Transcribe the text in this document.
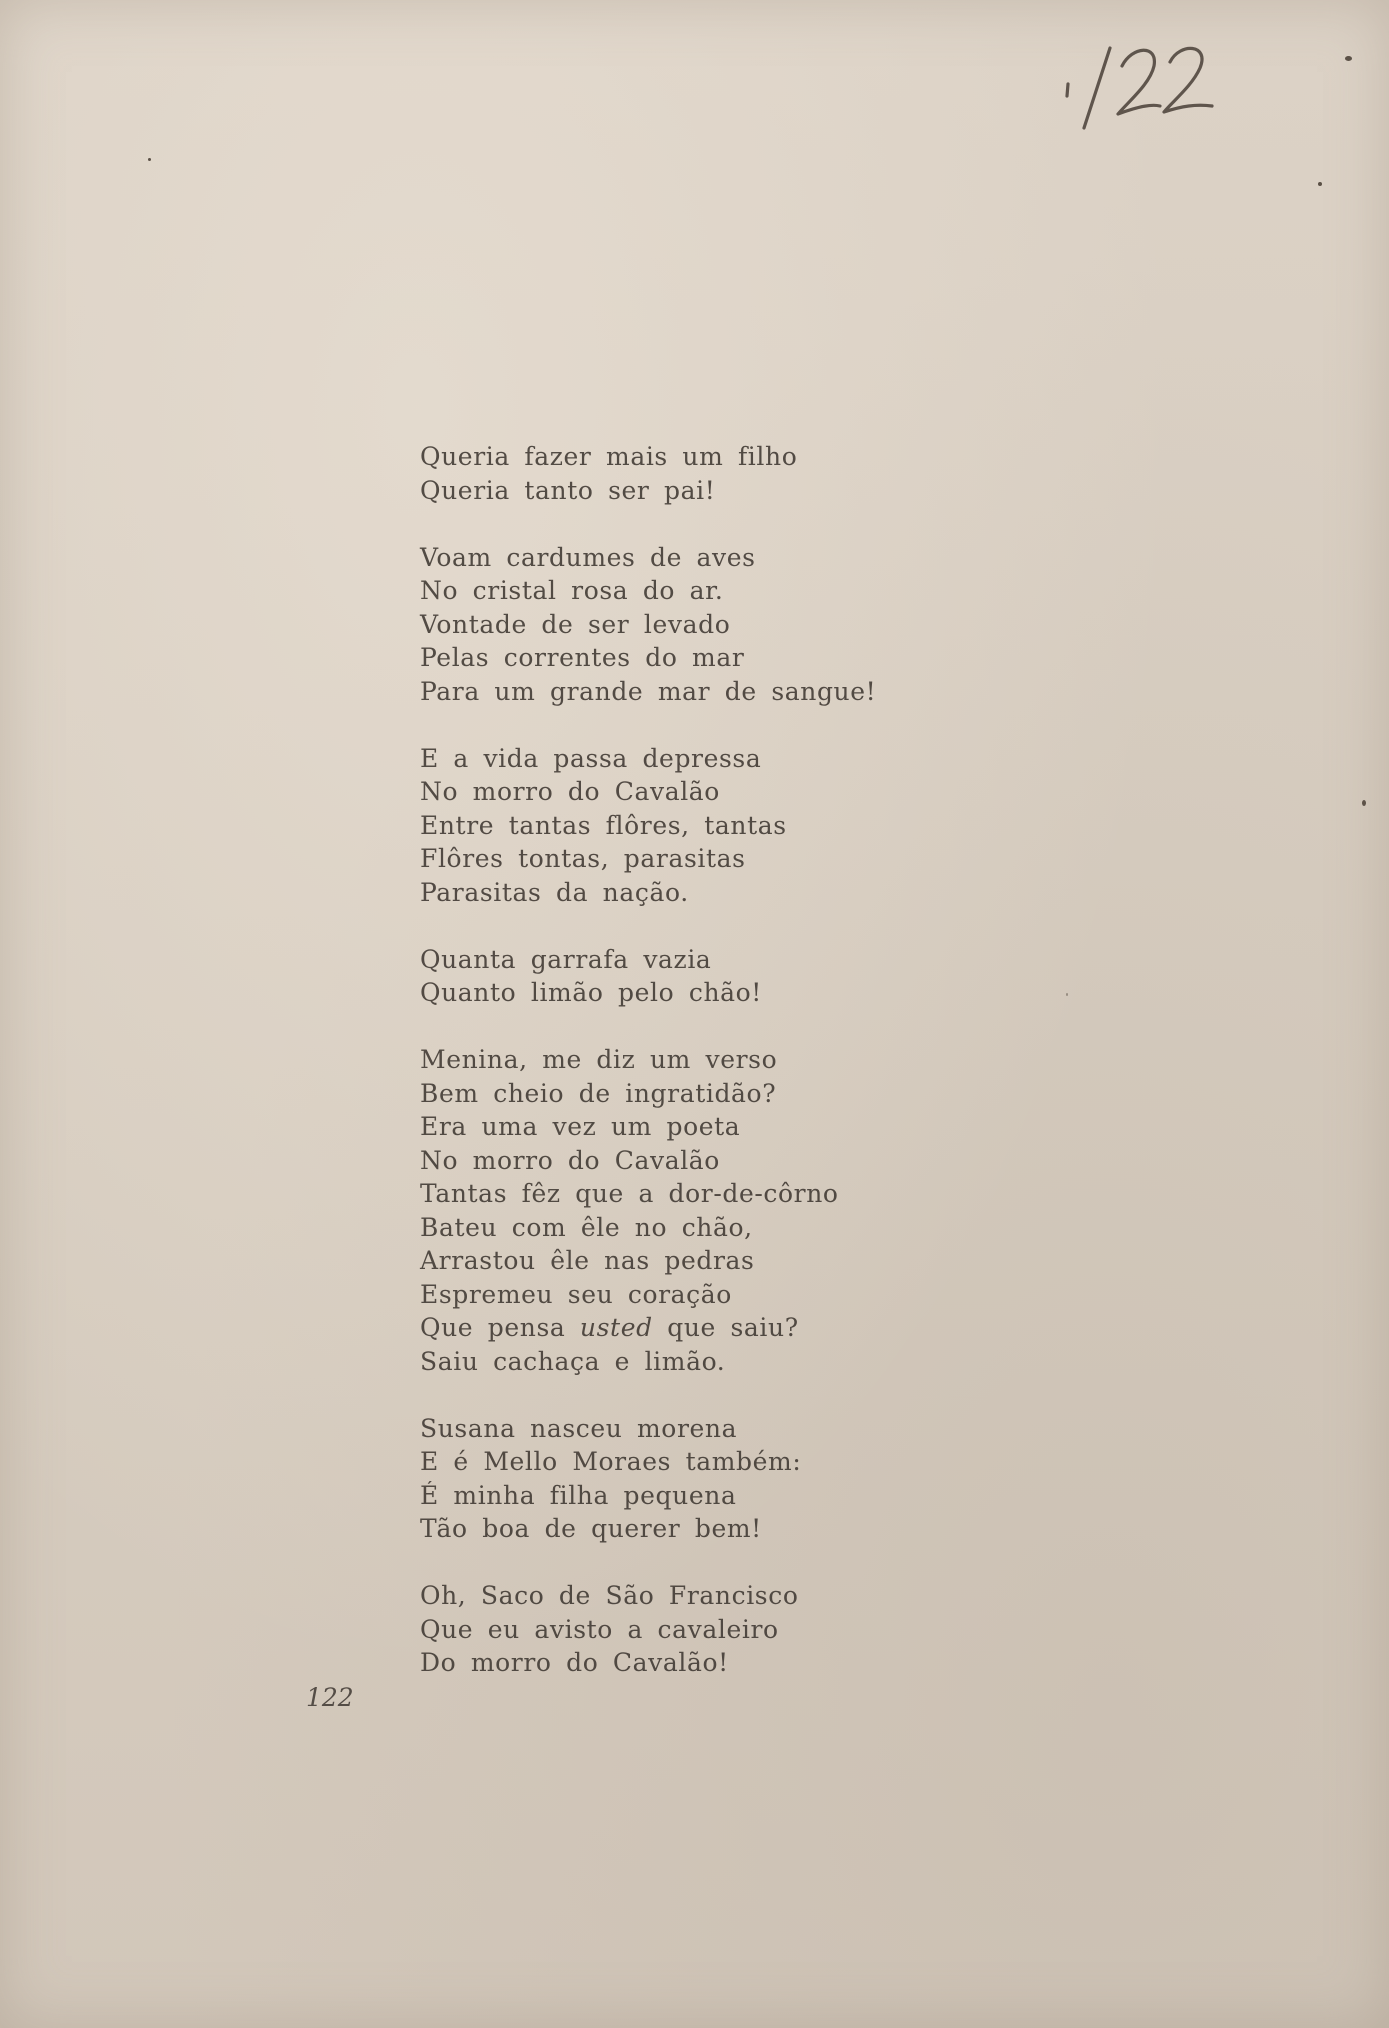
122
Queria fazer mais um filho
Queria tanto ser pai!
Voam cardumes de aves
No cristal rosa do ar.
Vontade de ser levado
Pelas correntes do mar
Para um grande mar de sangue!
E a vida passa depressa
No morro do Cavalão
Entre tantas flôres, tantas
Flôres tontas, parasitas
Parasitas da nação.
Quanta garrafa vazia
Quanto limão pelo chão!
Menina, me diz um verso
Bem cheio de ingratidão?
Era uma vez um poeta
No morro do Cavalão
Tantas fêz que a dor-de-côrno
Bateu com êle no chão,
Arrastou êle nas pedras
Espremeu seu coração
Que pensa usted que saiu?
Saiu cachaça e limão.
Susana nasceu morena
E é Mello Moraes também:
É minha filha pequena
Tão boa de querer bem!
Oh, Saco de São Francisco
Que eu avisto a cavaleiro
Do morro do Cavalão!
122
